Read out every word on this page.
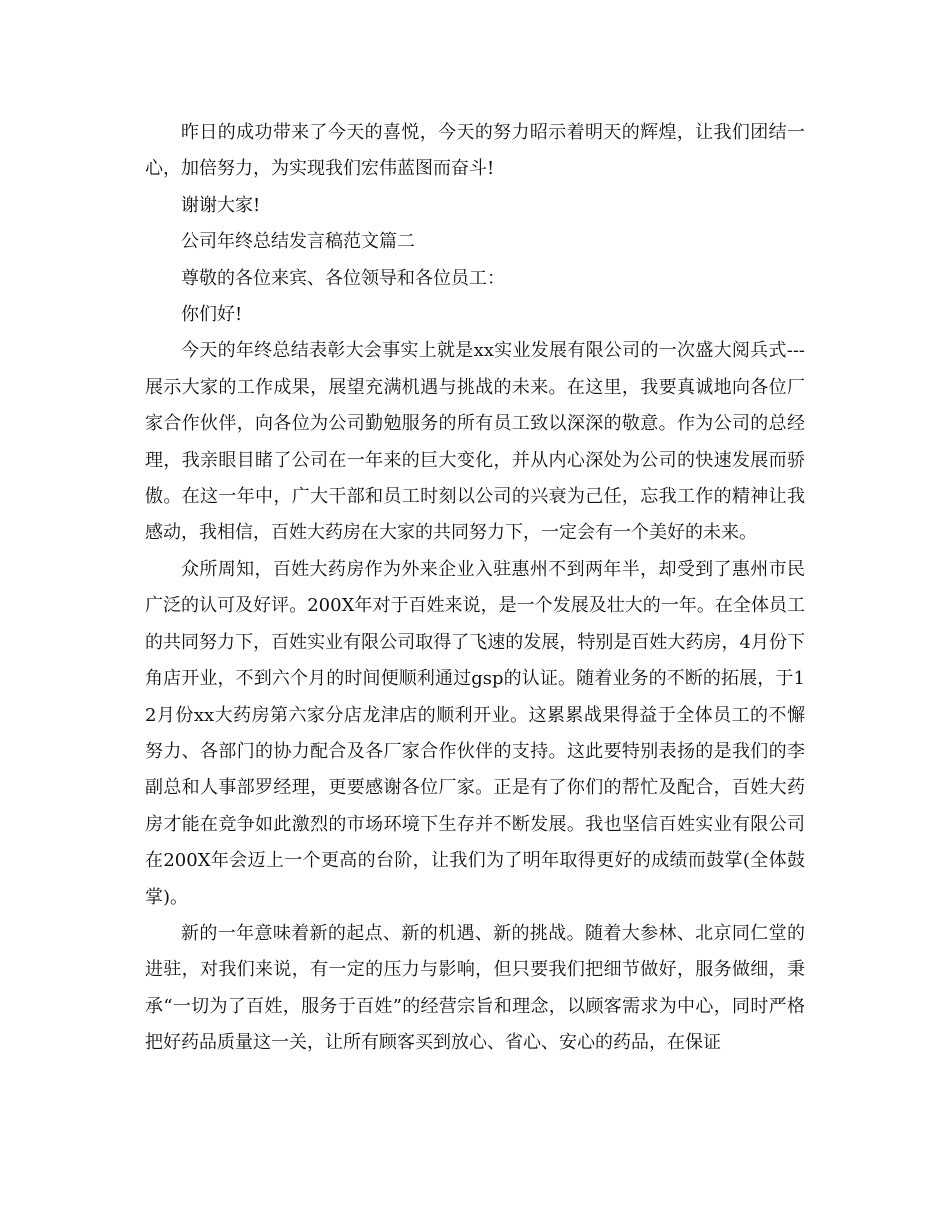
昨日的成功带来了今天的喜悦，今天的努力昭示着明天的辉煌，让我们团结一心，加倍努力，为实现我们宏伟蓝图而奋斗!

谢谢大家!

公司年终总结发言稿范文篇二

尊敬的各位来宾、各位领导和各位员工：

你们好!

今天的年终总结表彰大会事实上就是xx实业发展有限公司的一次盛大阅兵式---展示大家的工作成果，展望充满机遇与挑战的未来。在这里，我要真诚地向各位厂家合作伙伴，向各位为公司勤勉服务的所有员工致以深深的敬意。作为公司的总经理，我亲眼目睹了公司在一年来的巨大变化，并从内心深处为公司的快速发展而骄傲。在这一年中，广大干部和员工时刻以公司的兴衰为己任，忘我工作的精神让我感动，我相信，百姓大药房在大家的共同努力下，一定会有一个美好的未来。

众所周知，百姓大药房作为外来企业入驻惠州不到两年半，却受到了惠州市民广泛的认可及好评。200X年对于百姓来说，是一个发展及壮大的一年。在全体员工的共同努力下，百姓实业有限公司取得了飞速的发展，特别是百姓大药房，4月份下角店开业，不到六个月的时间便顺利通过gsp的认证。随着业务的不断的拓展，于12月份xx大药房第六家分店龙津店的顺利开业。这累累战果得益于全体员工的不懈努力、各部门的协力配合及各厂家合作伙伴的支持。这此要特别表扬的是我们的李副总和人事部罗经理，更要感谢各位厂家。正是有了你们的帮忙及配合，百姓大药房才能在竞争如此激烈的市场环境下生存并不断发展。我也坚信百姓实业有限公司在200X年会迈上一个更高的台阶，让我们为了明年取得更好的成绩而鼓掌(全体鼓掌)。

新的一年意味着新的起点、新的机遇、新的挑战。随着大参林、北京同仁堂的进驻，对我们来说，有一定的压力与影响，但只要我们把细节做好，服务做细，秉承“一切为了百姓，服务于百姓”的经营宗旨和理念，以顾客需求为中心，同时严格把好药品质量这一关，让所有顾客买到放心、省心、安心的药品，在保证
